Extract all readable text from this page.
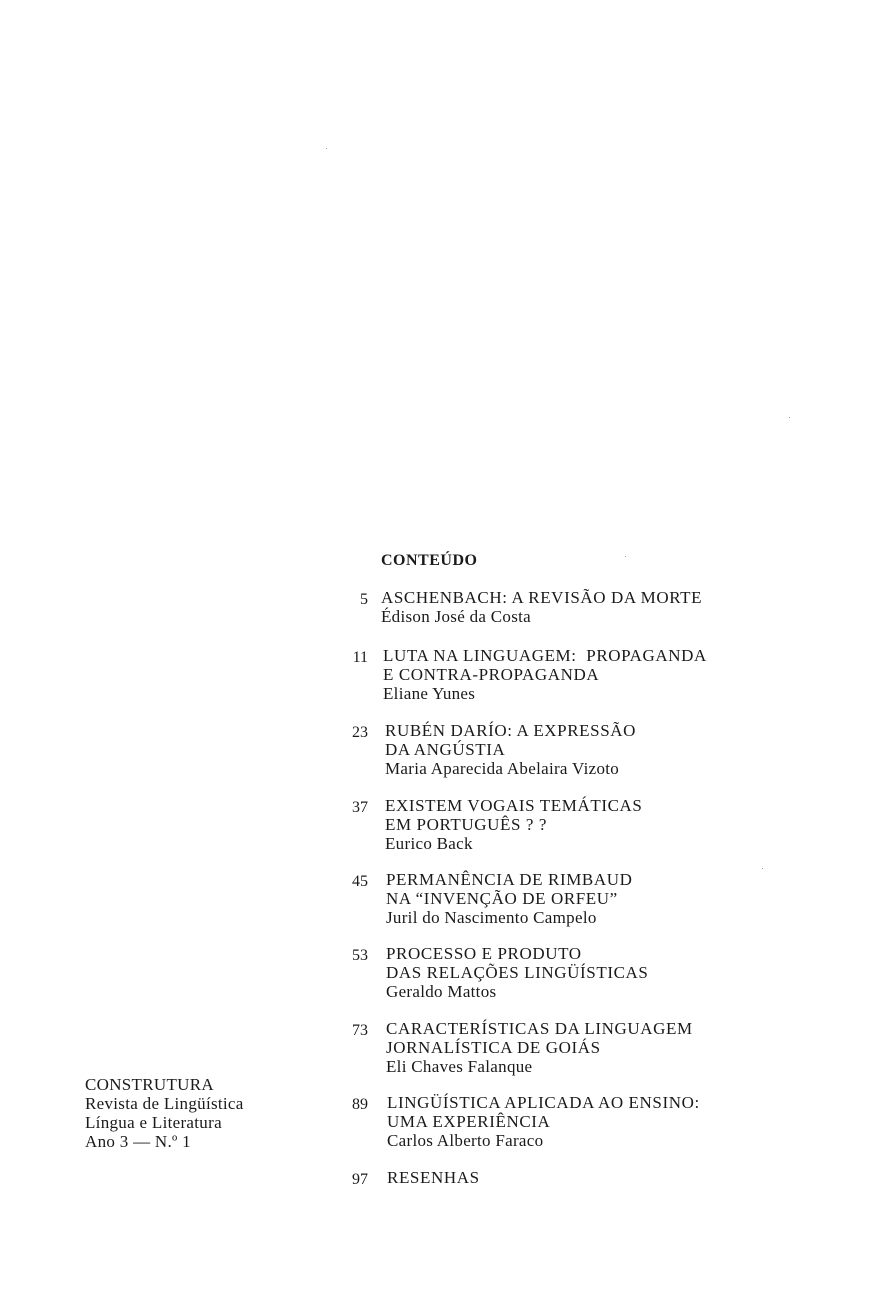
CONTEÚDO
5 ASCHENBACH: A REVISÃO DA MORTE
Édison José da Costa
11 LUTA NA LINGUAGEM:  PROPAGANDA
E CONTRA-PROPAGANDA
Eliane Yunes
23 RUBÉN DARÍO: A EXPRESSÃO
DA ANGÚSTIA
Maria Aparecida Abelaira Vizoto
37 EXISTEM VOGAIS TEMÁTICAS
EM PORTUGUÊS ? ?
Eurico Back
45 PERMANÊNCIA DE RIMBAUD
NA “INVENÇÃO DE ORFEU”
Juril do Nascimento Campelo
53 PROCESSO E PRODUTO
DAS RELAÇÕES LINGÜÍSTICAS
Geraldo Mattos
73 CARACTERÍSTICAS DA LINGUAGEM
JORNALÍSTICA DE GOIÁS
Eli Chaves Falanque
89 LINGÜÍSTICA APLICADA AO ENSINO:
UMA EXPERIÊNCIA
Carlos Alberto Faraco
97 RESENHAS
CONSTRUTURA
Revista de Lingüística
Língua e Literatura
Ano 3 — N.º 1
